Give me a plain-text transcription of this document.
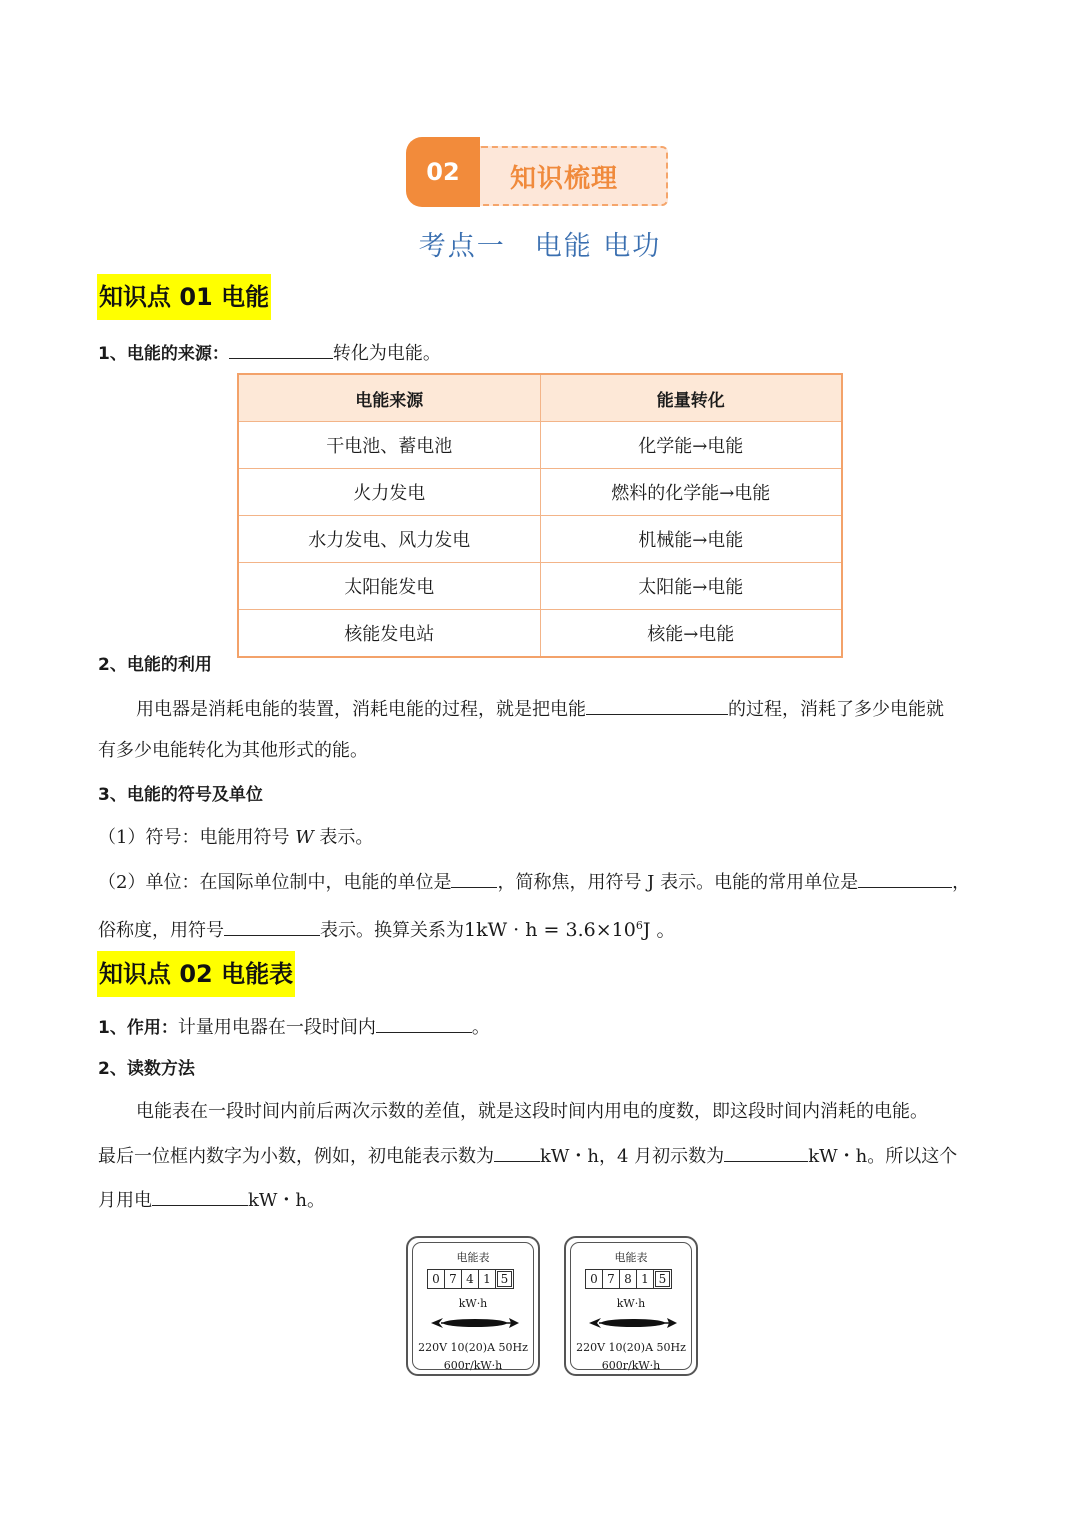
知识梳理
02
考点一　电能 电功
知识点 01 电能
1、电能的来源：	转化为电能。
电能来源	能量转化
干电池、蓄电池	化学能→电能
火力发电	燃料的化学能→电能
水力发电、风力发电	机械能→电能
太阳能发电	太阳能→电能
核能发电站	核能→电能
2、电能的利用
用电器是消耗电能的装置，消耗电能的过程，就是把电能	的过程，消耗了多少电能就
有多少电能转化为其他形式的能。
3、电能的符号及单位
（1）符号：电能用符号 W 表示。
（2）单位：在国际单位制中，电能的单位是	，简称焦，用符号 J 表示。电能的常用单位是	，
俗称度，用符号	表示。换算关系为$1kW \cdot h = 3.6\times 10^6J$ 。
知识点 02 电能表
1、作用：计量用电器在一段时间内	。
2、读数方法
电能表在一段时间内前后两次示数的差值，就是这段时间内用电的度数，即这段时间内消耗的电能。
最后一位框内数字为小数，例如，初电能表示数为	kW・h，4 月初示数为	kW・h。所以这个
月用电	kW・h。
电能表
0 7 4 1 5
kW·h
220V 10(20)A 50Hz
600r/kW·h
电能表
0 7 8 1 5
kW·h
220V 10(20)A 50Hz
600r/kW·h
